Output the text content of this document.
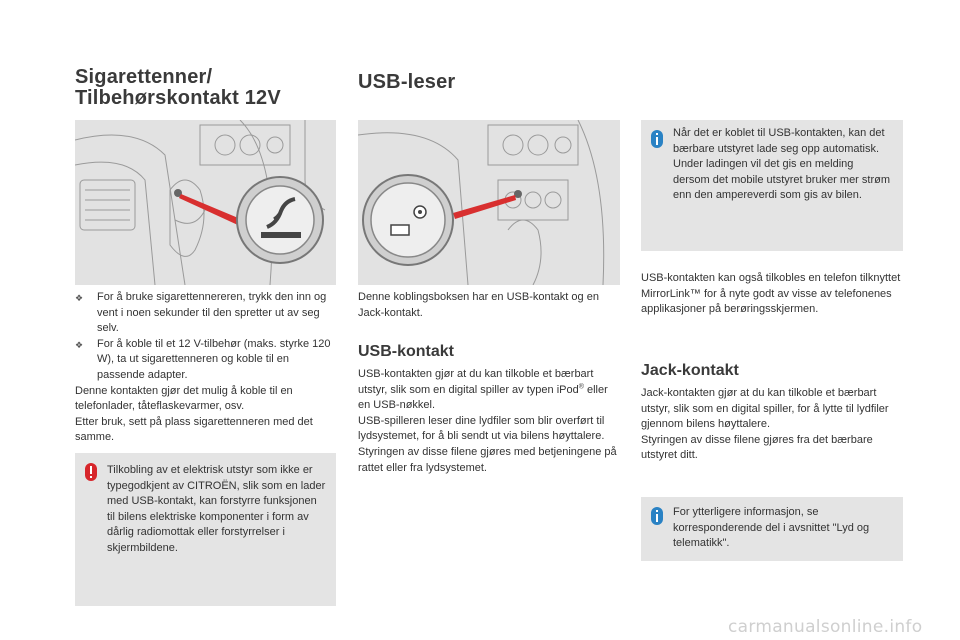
Sigarettenner/
Tilbehørskontakt 12V
❖	For å bruke sigarettennereren, trykk den inn og vent i noen sekunder til den spretter ut av seg selv.
❖	For å koble til et 12 V-tilbehør (maks. styrke 120 W), ta ut sigarettenneren og koble til en passende adapter.

Denne kontakten gjør det mulig å koble til en telefonlader, tåteflaskevarmer, osv.

Etter bruk, sett på plass sigarettenneren med det samme.

Tilkobling av et elektrisk utstyr som ikke er typegodkjent av CITROËN, slik som en lader med USB-kontakt, kan forstyrre funksjonen til bilens elektriske komponenter i form av dårlig radiomottak eller forstyrrelser i skjermbildene.
USB-leser
Denne koblingsboksen har en USB-kontakt og en Jack-kontakt.
USB-kontakt

USB-kontakten gjør at du kan tilkoble et bærbart utstyr, slik som en digital spiller av typen iPod® eller en USB-nøkkel.

USB-spilleren leser dine lydfiler som blir overført til lydsystemet, for å bli sendt ut via bilens høyttalere.

Styringen av disse filene gjøres med betjeningene på rattet eller fra lydsystemet.

Når det er koblet til USB-kontakten, kan det bærbare utstyret lade seg opp automatisk.
Under ladingen vil det gis en melding dersom det mobile utstyret bruker mer strøm enn den ampereverdi som gis av bilen.
USB-kontakten kan også tilkobles en telefon tilknyttet MirrorLink™ for å nyte godt av visse av telefonenes applikasjoner på berøringsskjermen.
Jack-kontakt

Jack-kontakten gjør at du kan tilkoble et bærbart utstyr, slik som en digital spiller, for å lytte til lydfiler gjennom bilens høyttalere.

Styringen av disse filene gjøres fra det bærbare utstyret ditt.

For ytterligere informasjon, se korresponderende del i avsnittet "Lyd og telematikk".
carmanualsonline.info
